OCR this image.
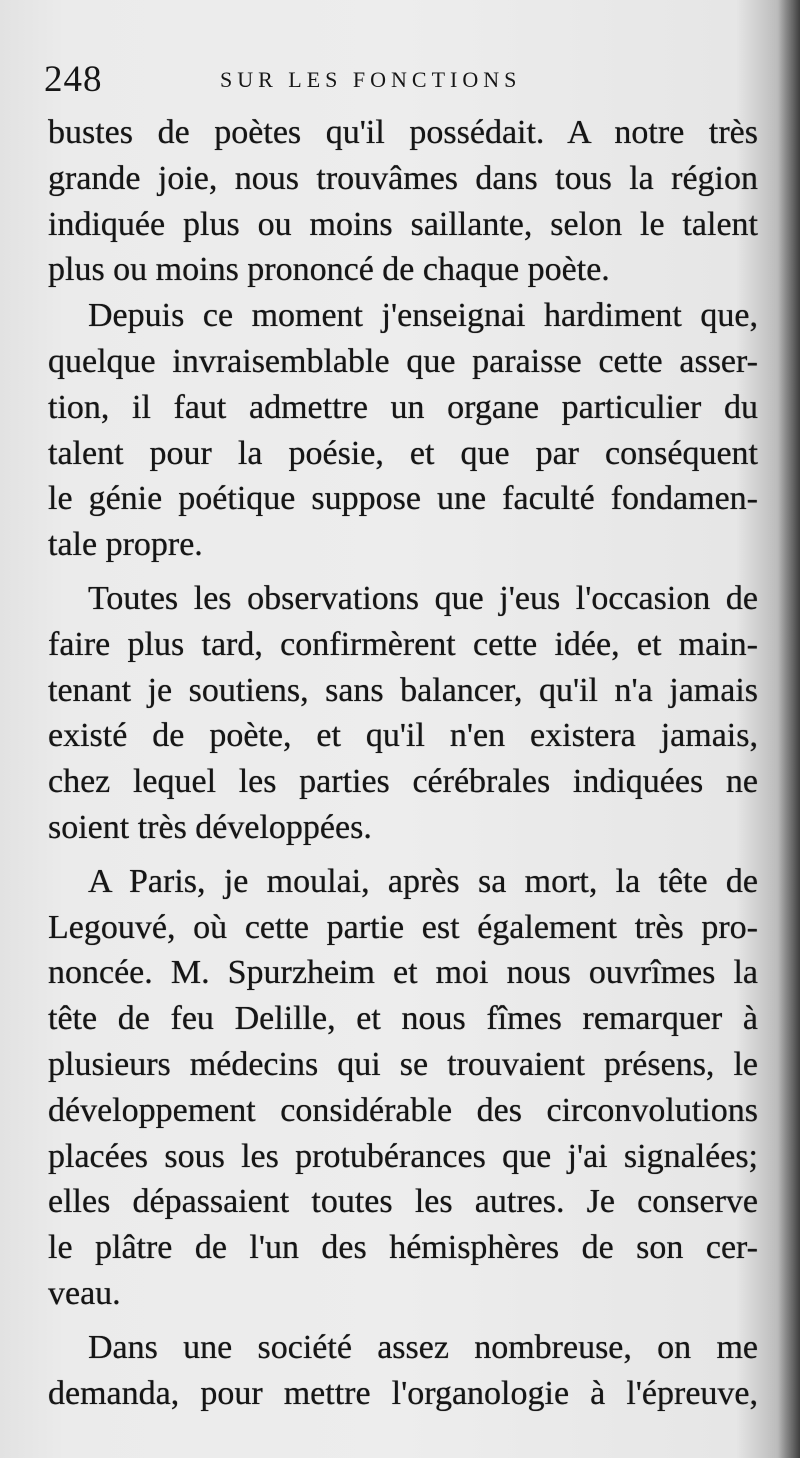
248	SUR LES FONCTIONS
bustes de poètes qu'il possédait. A notre très
grande joie, nous trouvâmes dans tous la région
indiquée plus ou moins saillante, selon le talent
plus ou moins prononcé de chaque poète.
Depuis ce moment j'enseignai hardiment que,
quelque invraisemblable que paraisse cette asser-
tion, il faut admettre un organe particulier du
talent pour la poésie, et que par conséquent
le génie poétique suppose une faculté fondamen-
tale propre.
Toutes les observations que j'eus l'occasion de
faire plus tard, confirmèrent cette idée, et main-
tenant je soutiens, sans balancer, qu'il n'a jamais
existé de poète, et qu'il n'en existera jamais,
chez lequel les parties cérébrales indiquées ne
soient très développées.
A Paris, je moulai, après sa mort, la tête de
Legouvé, où cette partie est également très pro-
noncée. M. Spurzheim et moi nous ouvrîmes la
tête de feu Delille, et nous fîmes remarquer à
plusieurs médecins qui se trouvaient présens, le
développement considérable des circonvolutions
placées sous les protubérances que j'ai signalées;
elles dépassaient toutes les autres. Je conserve
le plâtre de l'un des hémisphères de son cer-
veau.
Dans une société assez nombreuse, on me
demanda, pour mettre l'organologie à l'épreuve,
